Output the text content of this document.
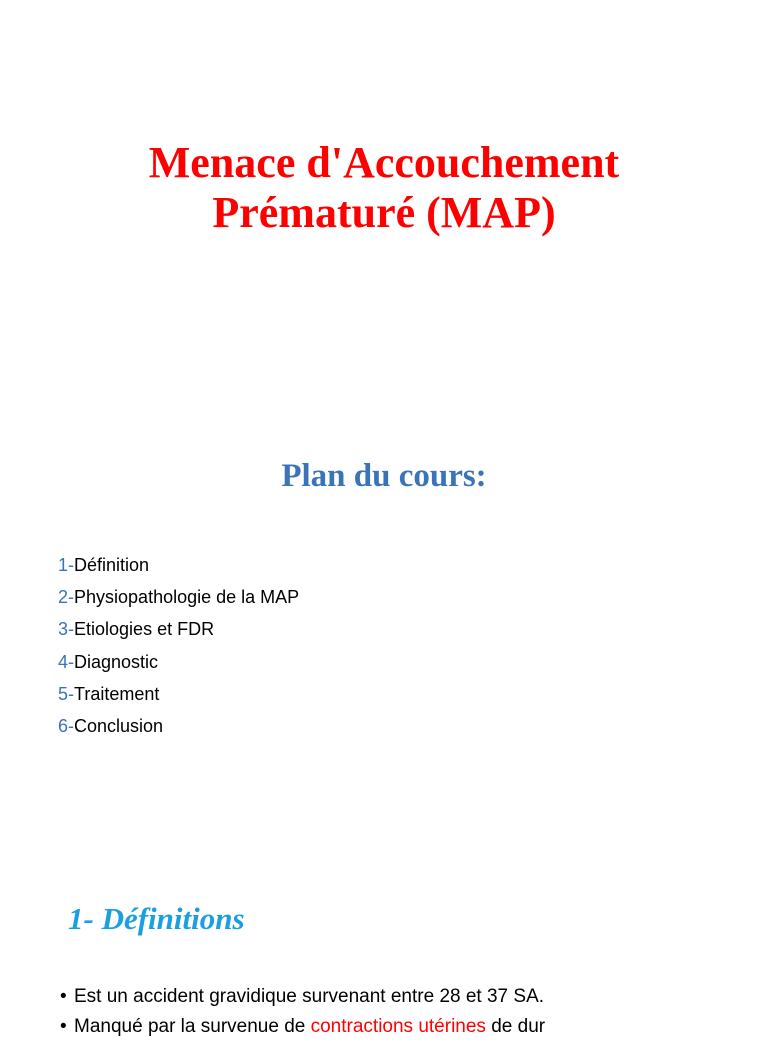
Menace d'Accouchement
Prématuré (MAP)
Plan du cours:
1-Définition
2-Physiopathologie de la MAP
3-Etiologies et FDR
4-Diagnostic
5-Traitement
6-Conclusion
1- Définitions
• Est un accident gravidique survenant entre 28 et 37 SA.
• Manqué par la survenue de contractions utérines de dur
